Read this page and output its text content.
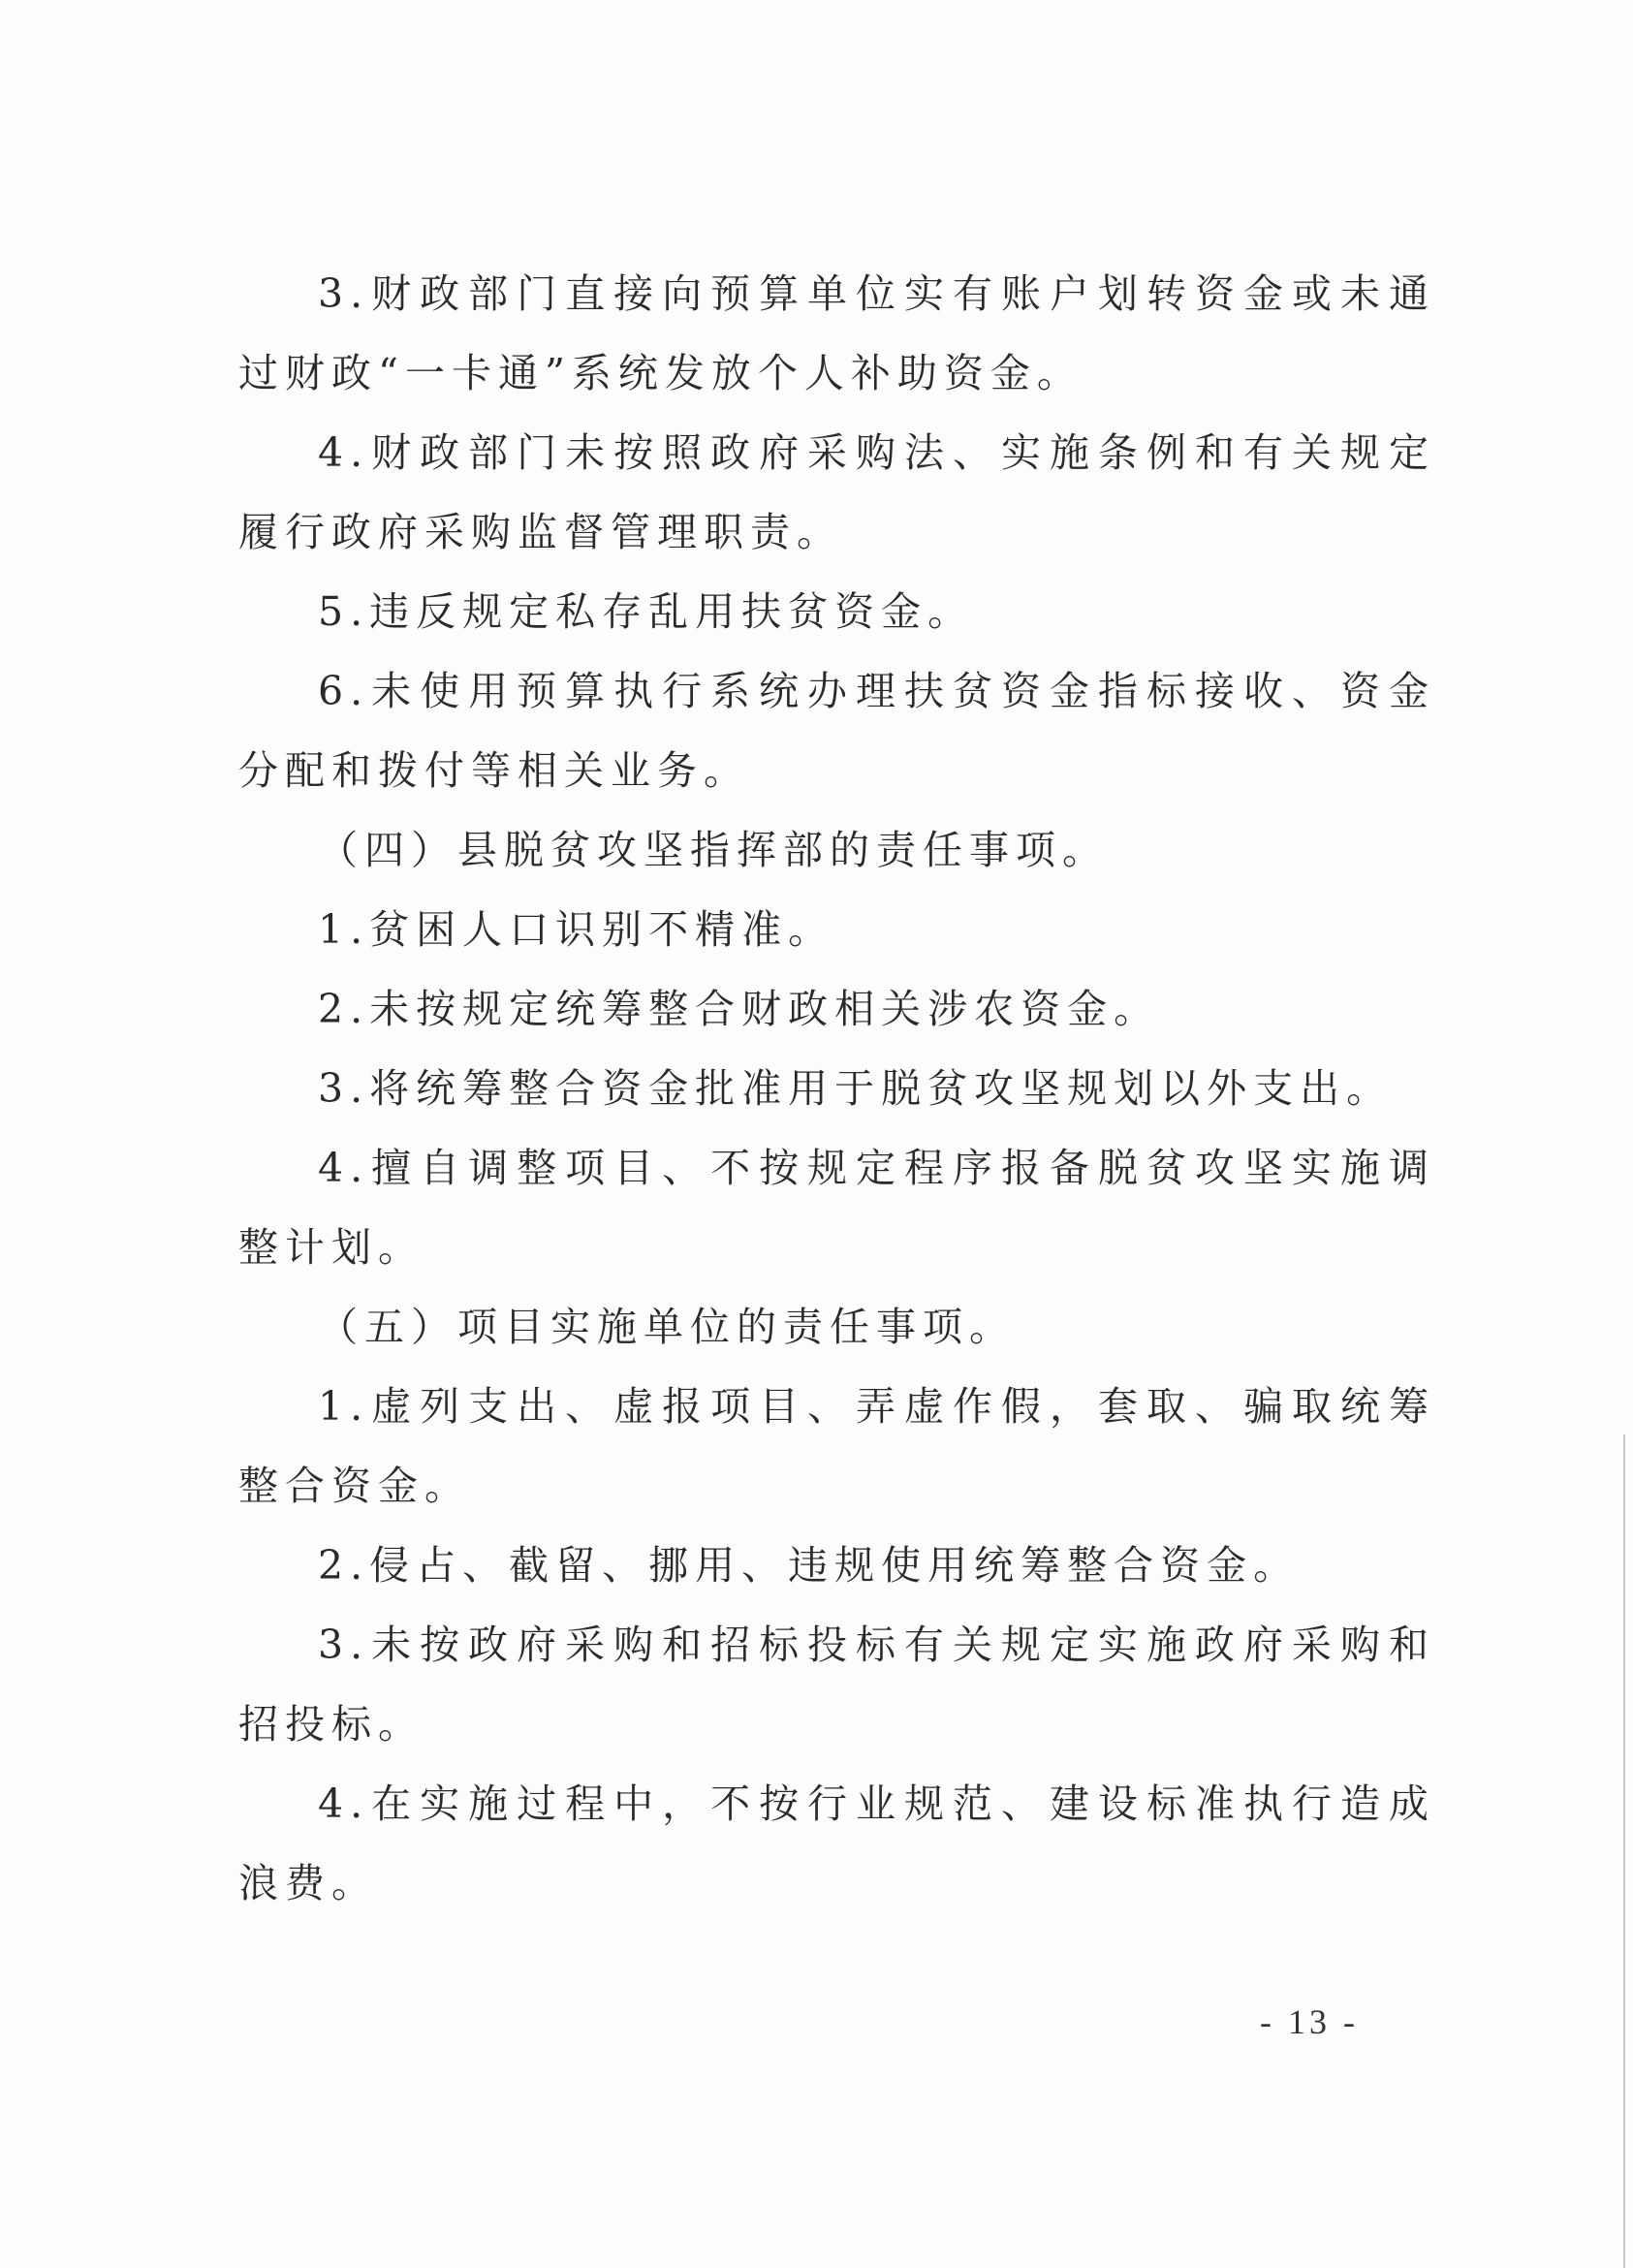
3.财政部门直接向预算单位实有账户划转资金或未通过财政“一卡通”系统发放个人补助资金。

4.财政部门未按照政府采购法、实施条例和有关规定履行政府采购监督管理职责。

5.违反规定私存乱用扶贫资金。

6.未使用预算执行系统办理扶贫资金指标接收、资金分配和拨付等相关业务。

（四）县脱贫攻坚指挥部的责任事项。

1.贫困人口识别不精准。

2.未按规定统筹整合财政相关涉农资金。

3.将统筹整合资金批准用于脱贫攻坚规划以外支出。

4.擅自调整项目、不按规定程序报备脱贫攻坚实施调整计划。

（五）项目实施单位的责任事项。

1.虚列支出、虚报项目、弄虚作假，套取、骗取统筹整合资金。

2.侵占、截留、挪用、违规使用统筹整合资金。

3.未按政府采购和招标投标有关规定实施政府采购和招投标。

4.在实施过程中，不按行业规范、建设标准执行造成浪费。

- 13 -
